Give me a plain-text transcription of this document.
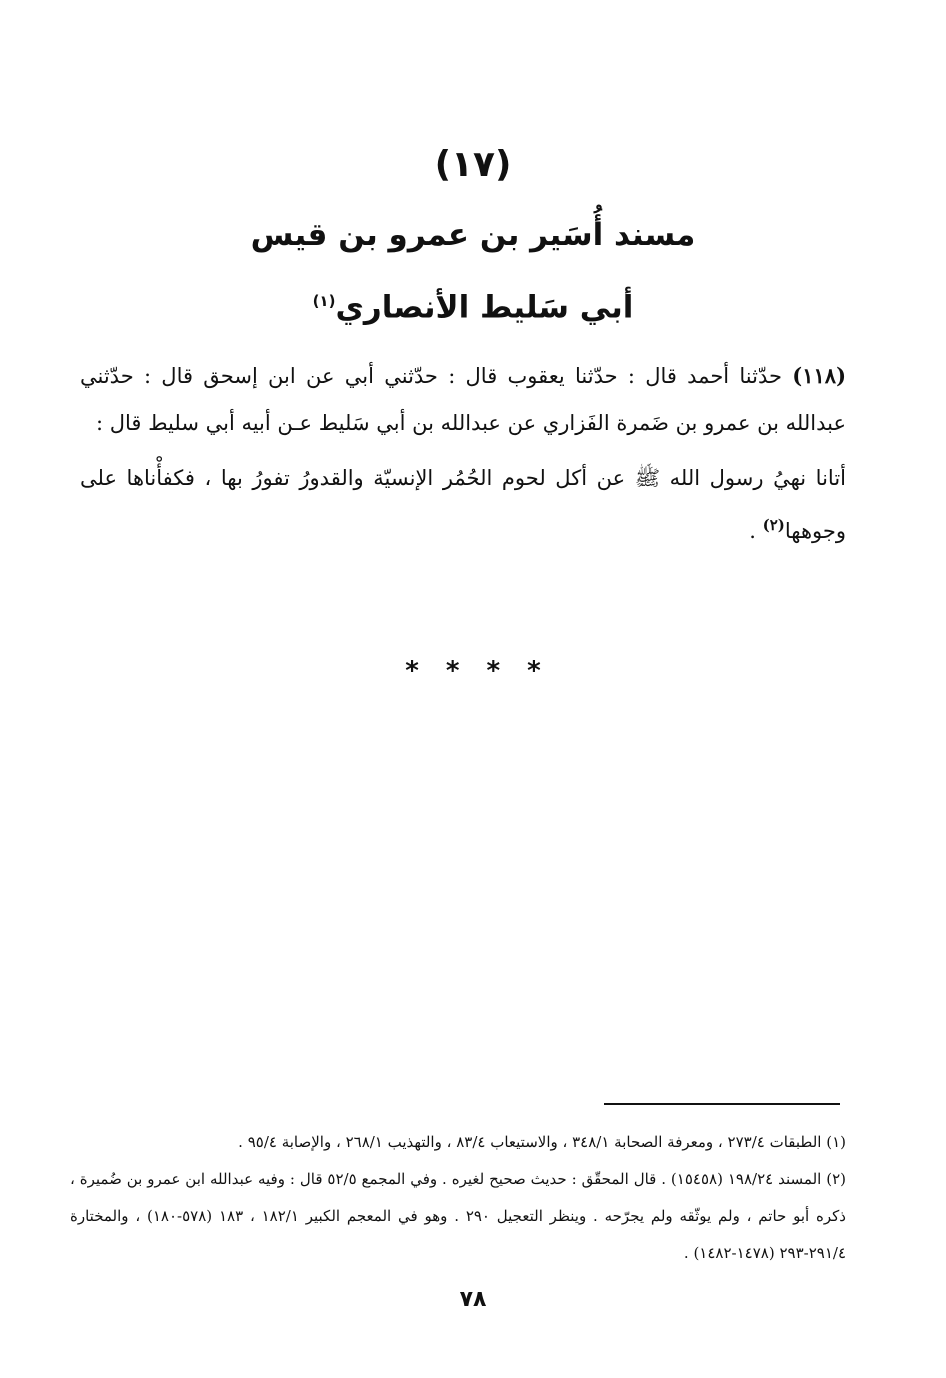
(١٧)
مسند أُسَير بن عمرو بن قيس
أبي سَليط الأنصاري$^{(١)}$

(١١٨) حدّثنا أحمد قال : حدّثنا يعقوب قال : حدّثني أبي عن ابن إسحق قال : حدّثني عبدالله بن عمرو بن ضَمرة الفَزاري عن عبدالله بن أبي سَليط عـن أبيه أبي سليط قال :

أتانا نهيُ رسول الله ﷺ عن أكل لحوم الحُمُر الإنسيّة والقدورُ تفورُ بها ، فكفأْناها على وجوهها$^{(٢)}$ .

* * * *

(١) الطبقات ٢٧٣/٤ ، ومعرفة الصحابة ٣٤٨/١ ، والاستيعاب ٨٣/٤ ، والتهذيب ٢٦٨/١ ، والإصابة ٩٥/٤ .

(٢) المسند ١٩٨/٢٤ (١٥٤٥٨) . قال المحقّق : حديث صحيح لغيره . وفي المجمع ٥٢/٥ قال : وفيه عبدالله ابن عمرو بن ضُميرة ، ذكره أبو حاتم ، ولم يوثّقه ولم يجرّحه . وينظر التعجيل ٢٩٠ . وهو في المعجم الكبير ١٨٢/١ ، ١٨٣ (٥٧٨-١٨٠) ، والمختارة ٢٩١/٤-٢٩٣ (١٤٧٨-١٤٨٢) .

٧٨
